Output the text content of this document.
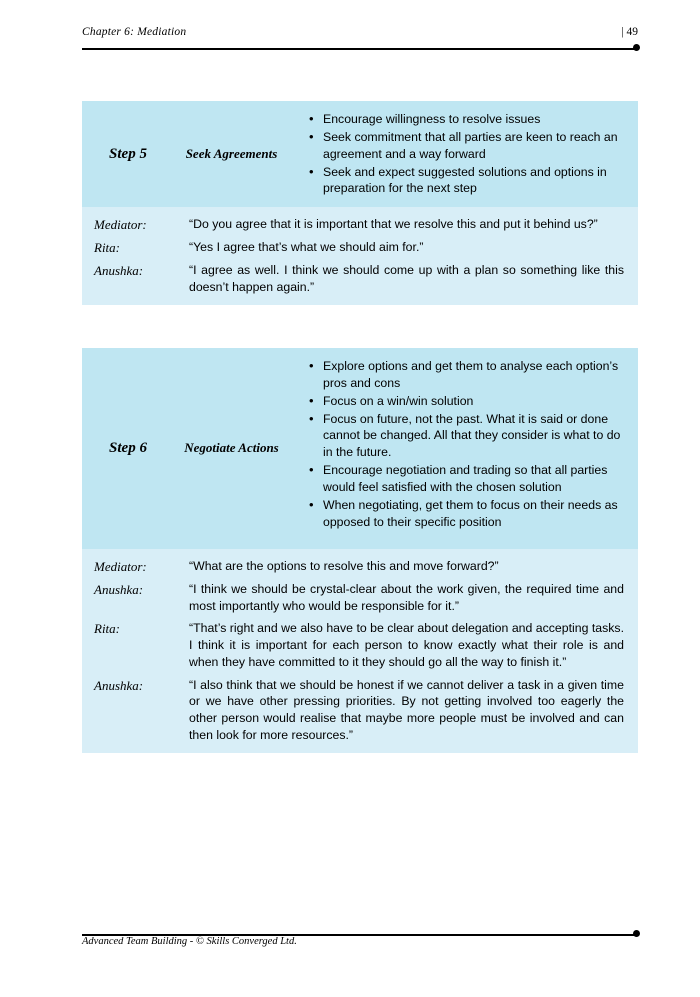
Chapter 6: Mediation	| 49
Step 5	Seek Agreements
• Encourage willingness to resolve issues
• Seek commitment that all parties are keen to reach an agreement and a way forward
• Seek and expect suggested solutions and options in preparation for the next step
Mediator:	“Do you agree that it is important that we resolve this and put it behind us?”
Rita:	“Yes I agree that’s what we should aim for.”
Anushka:	“I agree as well. I think we should come up with a plan so something like this doesn’t happen again.”
Step 6	Negotiate Actions
• Explore options and get them to analyse each option’s pros and cons
• Focus on a win/win solution
• Focus on future, not the past. What it is said or done cannot be changed. All that they consider is what to do in the future.
• Encourage negotiation and trading so that all parties would feel satisfied with the chosen solution
• When negotiating, get them to focus on their needs as opposed to their specific position
Mediator:	“What are the options to resolve this and move forward?”
Anushka:	“I think we should be crystal-clear about the work given, the required time and most importantly who would be responsible for it.”
Rita:	“That’s right and we also have to be clear about delegation and accepting tasks. I think it is important for each person to know exactly what their role is and when they have committed to it they should go all the way to finish it.”
Anushka:	“I also think that we should be honest if we cannot deliver a task in a given time or we have other pressing priorities. By not getting involved too eagerly the other person would realise that maybe more people must be involved and can then look for more resources.”
Advanced Team Building - © Skills Converged Ltd.
